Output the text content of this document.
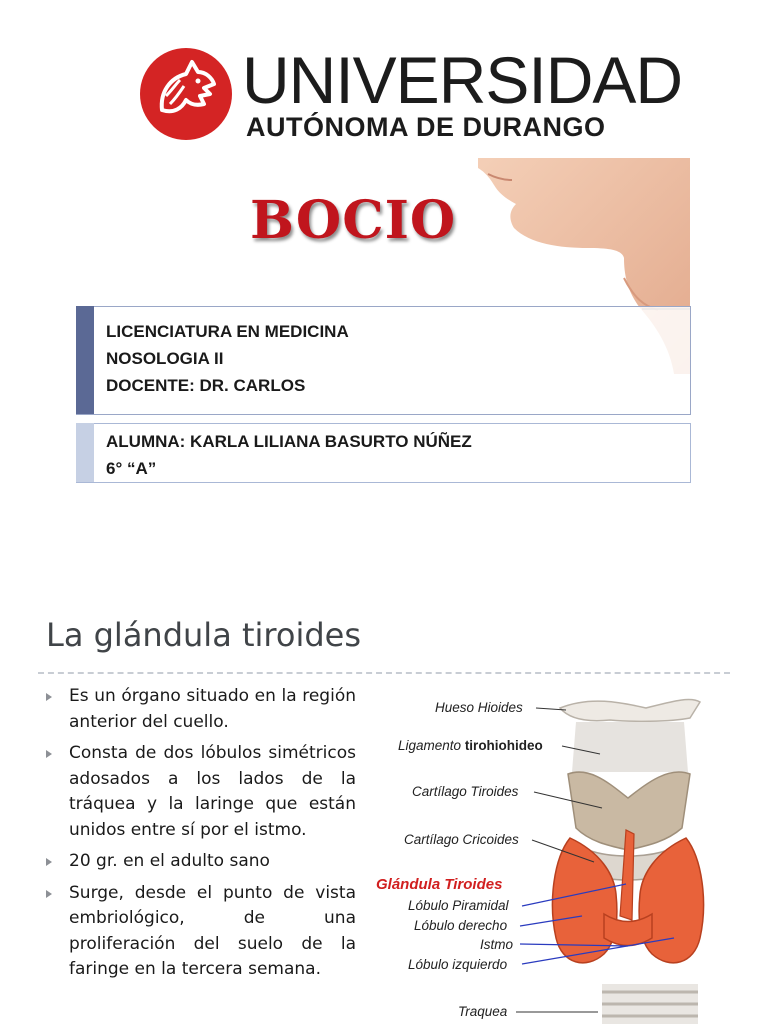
UNIVERSIDAD
AUTÓNOMA DE DURANGO
BOCIO
LICENCIATURA EN MEDICINA
NOSOLOGIA II
DOCENTE: DR. CARLOS
ALUMNA: KARLA LILIANA BASURTO NÚÑEZ
6° “A”
La glándula tiroides
Es un órgano situado en la región anterior del cuello.
Consta de dos lóbulos simétricos adosados a los lados de la tráquea y la laringe que están unidos entre sí por el istmo.
20 gr. en el adulto sano
Surge, desde el punto de vista embriológico, de una proliferación del suelo de la faringe en la tercera semana.
Hueso Hioides
Ligamento tirohiohideo
Cartílago Tiroides
Cartílago Cricoides
Glándula Tiroides
Lóbulo Piramidal
Lóbulo derecho
Istmo
Lóbulo izquierdo
Traquea
